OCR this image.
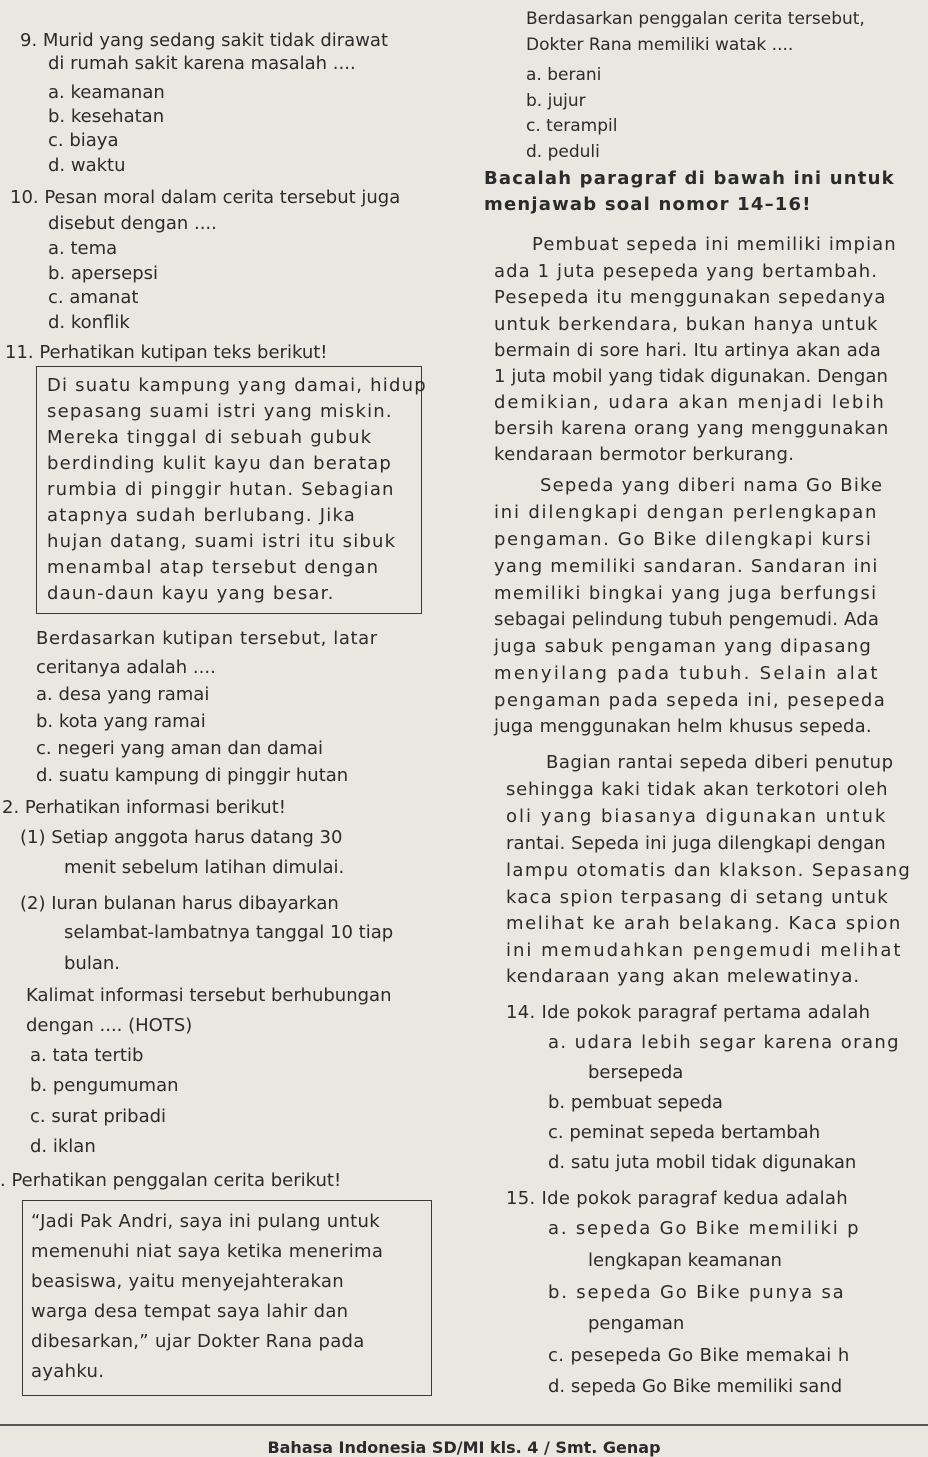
9. Murid yang sedang sakit tidak dirawat
di rumah sakit karena masalah ....
a. keamanan
b. kesehatan
c. biaya
d. waktu
10. Pesan moral dalam cerita tersebut juga
disebut dengan ....
a. tema
b. apersepsi
c. amanat
d. konflik
11. Perhatikan kutipan teks berikut!
Di suatu kampung yang damai, hidup
sepasang suami istri yang miskin.
Mereka tinggal di sebuah gubuk
berdinding kulit kayu dan beratap
rumbia di pinggir hutan. Sebagian
atapnya sudah berlubang. Jika
hujan datang, suami istri itu sibuk
menambal atap tersebut dengan
daun-daun kayu yang besar.
Berdasarkan kutipan tersebut, latar
ceritanya adalah ....
a. desa yang ramai
b. kota yang ramai
c. negeri yang aman dan damai
d. suatu kampung di pinggir hutan
2. Perhatikan informasi berikut!
(1) Setiap anggota harus datang 30
menit sebelum latihan dimulai.
(2) Iuran bulanan harus dibayarkan
selambat-lambatnya tanggal 10 tiap
bulan.
Kalimat informasi tersebut berhubungan
dengan .... (HOTS)
a. tata tertib
b. pengumuman
c. surat pribadi
d. iklan
. Perhatikan penggalan cerita berikut!
“Jadi Pak Andri, saya ini pulang untuk
memenuhi niat saya ketika menerima
beasiswa, yaitu menyejahterakan
warga desa tempat saya lahir dan
dibesarkan,” ujar Dokter Rana pada
ayahku.
Berdasarkan penggalan cerita tersebut,
Dokter Rana memiliki watak ....
a. berani
b. jujur
c. terampil
d. peduli
Bacalah paragraf di bawah ini untuk
menjawab soal nomor 14–16!
Pembuat sepeda ini memiliki impian
ada 1 juta pesepeda yang bertambah.
Pesepeda itu menggunakan sepedanya
untuk berkendara, bukan hanya untuk
bermain di sore hari. Itu artinya akan ada
1 juta mobil yang tidak digunakan. Dengan
demikian, udara akan menjadi lebih
bersih karena orang yang menggunakan
kendaraan bermotor berkurang.
Sepeda yang diberi nama Go Bike
ini dilengkapi dengan perlengkapan
pengaman. Go Bike dilengkapi kursi
yang memiliki sandaran. Sandaran ini
memiliki bingkai yang juga berfungsi
sebagai pelindung tubuh pengemudi. Ada
juga sabuk pengaman yang dipasang
menyilang pada tubuh. Selain alat
pengaman pada sepeda ini, pesepeda
juga menggunakan helm khusus sepeda.
Bagian rantai sepeda diberi penutup
sehingga kaki tidak akan terkotori oleh
oli yang biasanya digunakan untuk
rantai. Sepeda ini juga dilengkapi dengan
lampu otomatis dan klakson. Sepasang
kaca spion terpasang di setang untuk
melihat ke arah belakang. Kaca spion
ini memudahkan pengemudi melihat
kendaraan yang akan melewatinya.
14. Ide pokok paragraf pertama adalah
a. udara lebih segar karena orang
bersepeda
b. pembuat sepeda
c. peminat sepeda bertambah
d. satu juta mobil tidak digunakan
15. Ide pokok paragraf kedua adalah
a. sepeda Go Bike memiliki p
lengkapan keamanan
b. sepeda Go Bike punya sa
pengaman
c. pesepeda Go Bike memakai h
d. sepeda Go Bike memiliki sand
Bahasa Indonesia SD/MI kls. 4 / Smt. Genap
